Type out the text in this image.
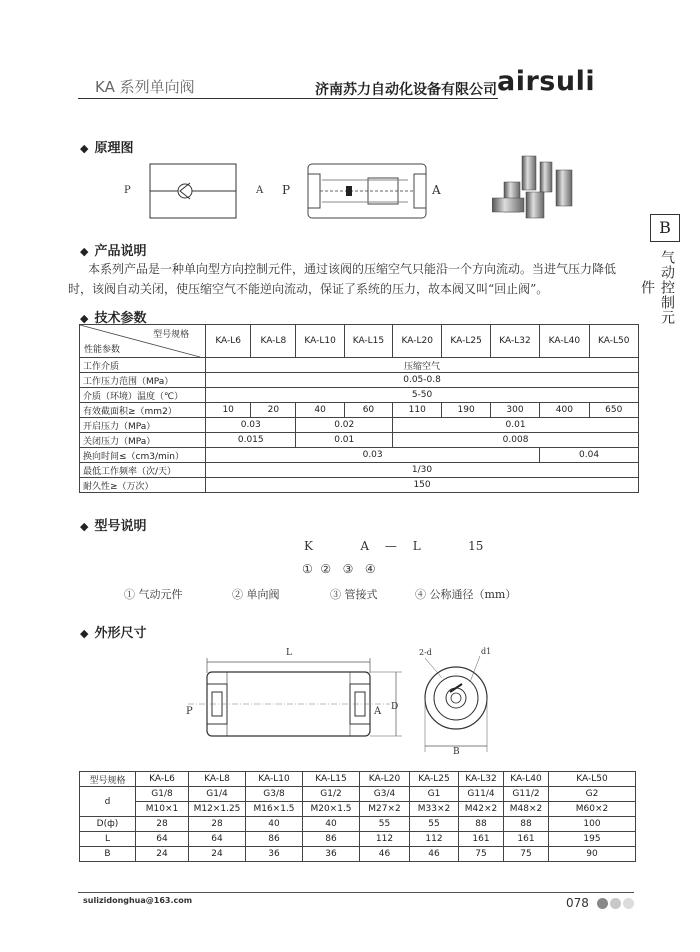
KA 系列单向阀	济南苏力自动化设备有限公司 airsuli
B
气动控制元件
◆ 原理图
P	A P	A
◆ 产品说明
本系列产品是一种单向型方向控制元件，通过该阀的压缩空气只能沿一个方向流动。当进气压力降低
时，该阀自动关闭，使压缩空气不能逆向流动，保证了系统的压力，故本阀又叫“回止阀”。
◆ 技术参数
型号规格
性能参数	KA-L6	KA-L8	KA-L10	KA-L15	KA-L20	KA-L25	KA-L32	KA-L40	KA-L50
工作介质	压缩空气								
工作压力范围（MPa）	0.05-0.8								
介质（环境）温度（℃）	5-50								
有效截面积≥（mm2）	10	20	40	60	110	190	300	400	650
开启压力（MPa）	0.03		0.02		0.01				
关闭压力（MPa）	0.015		0.01		0.008				
换向时间≤（cm3/min）	0.03							0.04	
最低工作频率（次/天）	1/30								
耐久性≥（万次）	150								
◆ 型号说明
K	A — L	15
① ② ③ ④
① 气动元件	② 单向阀	③ 管接式	④ 公称通径（mm）
◆ 外形尺寸
L
P	A D
2-d	d1
B
型号规格	KA-L6	KA-L8	KA-L10	KA-L15	KA-L20	KA-L25	KA-L32	KA-L40	KA-L50
d	G1/8	G1/4	G3/8	G1/2	G3/4	G1	G11/4	G11/2	G2
	M10×1	M12×1.25	M16×1.5	M20×1.5	M27×2	M33×2	M42×2	M48×2	M60×2
D(ф)	28	28	40	40	55	55	88	88	100
L	64	64	86	86	112	112	161	161	195
B	24	24	36	36	46	46	75	75	90
sulizidonghua@163.com	078
